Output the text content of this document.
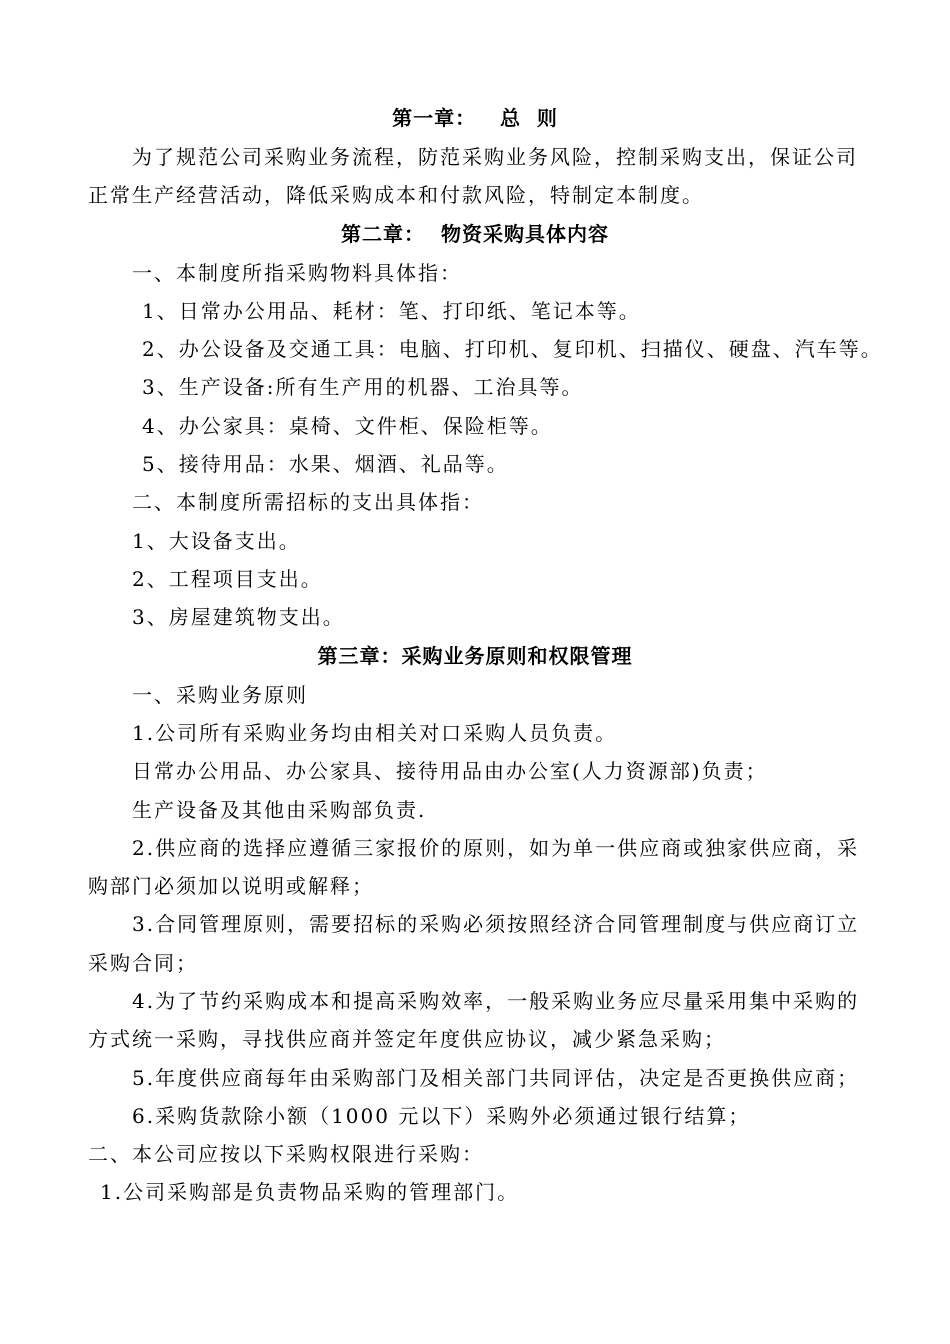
第一章：   总  则
为了规范公司采购业务流程，防范采购业务风险，控制采购支出，保证公司
正常生产经营活动，降低采购成本和付款风险，特制定本制度。
第二章：  物资采购具体内容
一、本制度所指采购物料具体指：
1、日常办公用品、耗材：笔、打印纸、笔记本等。
2、办公设备及交通工具：电脑、打印机、复印机、扫描仪、硬盘、汽车等。
3、生产设备:所有生产用的机器、工治具等。
4、办公家具：桌椅、文件柜、保险柜等。
5、接待用品：水果、烟酒、礼品等。
二、本制度所需招标的支出具体指：
1、大设备支出。
2、工程项目支出。
3、房屋建筑物支出。
第三章：采购业务原则和权限管理
一、采购业务原则
1.公司所有采购业务均由相关对口采购人员负责。
日常办公用品、办公家具、接待用品由办公室(人力资源部)负责；
生产设备及其他由采购部负责.
2.供应商的选择应遵循三家报价的原则，如为单一供应商或独家供应商，采
购部门必须加以说明或解释；
3.合同管理原则，需要招标的采购必须按照经济合同管理制度与供应商订立
采购合同；
4.为了节约采购成本和提高采购效率，一般采购业务应尽量采用集中采购的
方式统一采购，寻找供应商并签定年度供应协议，减少紧急采购；
5.年度供应商每年由采购部门及相关部门共同评估，决定是否更换供应商；
6.采购货款除小额（1000 元以下）采购外必须通过银行结算；
二、本公司应按以下采购权限进行采购：
1.公司采购部是负责物品采购的管理部门。
